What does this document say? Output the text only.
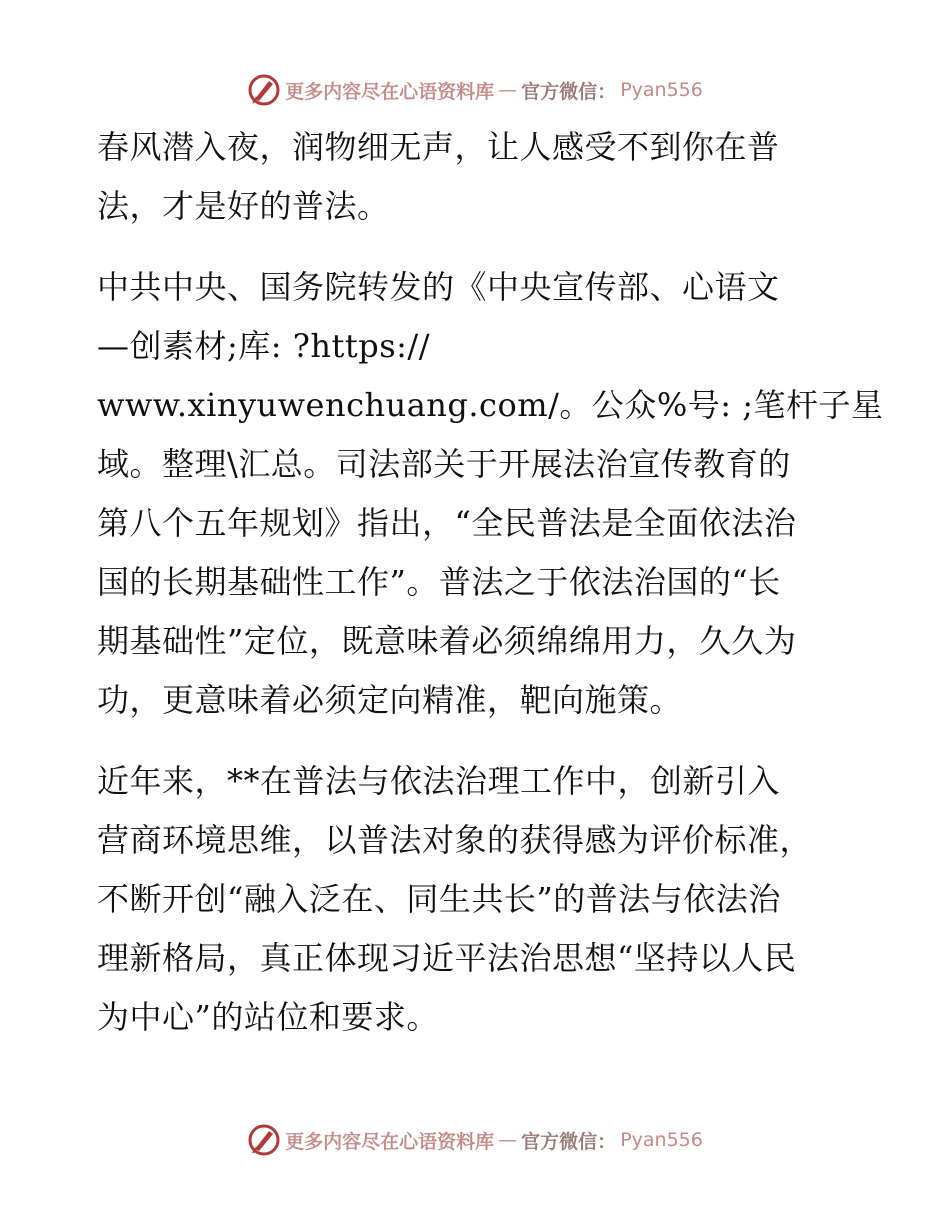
更多内容尽在心语资料库 — 官方微信： Pyan556

春风潜入夜，润物细无声，让人感受不到你在普
法，才是好的普法。

中共中央、国务院转发的《中央宣传部、心语文
—创素材;库: ?https://
www.xinyuwenchuang.com/。公众%号: ;笔杆子星
域。整理\汇总。司法部关于开展法治宣传教育的
第八个五年规划》指出，“全民普法是全面依法治
国的长期基础性工作”。普法之于依法治国的“长
期基础性”定位，既意味着必须绵绵用力，久久为
功，更意味着必须定向精准，靶向施策。

近年来，**在普法与依法治理工作中，创新引入
营商环境思维，以普法对象的获得感为评价标准，
不断开创“融入泛在、同生共长”的普法与依法治
理新格局，真正体现习近平法治思想“坚持以人民
为中心”的站位和要求。

更多内容尽在心语资料库 — 官方微信： Pyan556
